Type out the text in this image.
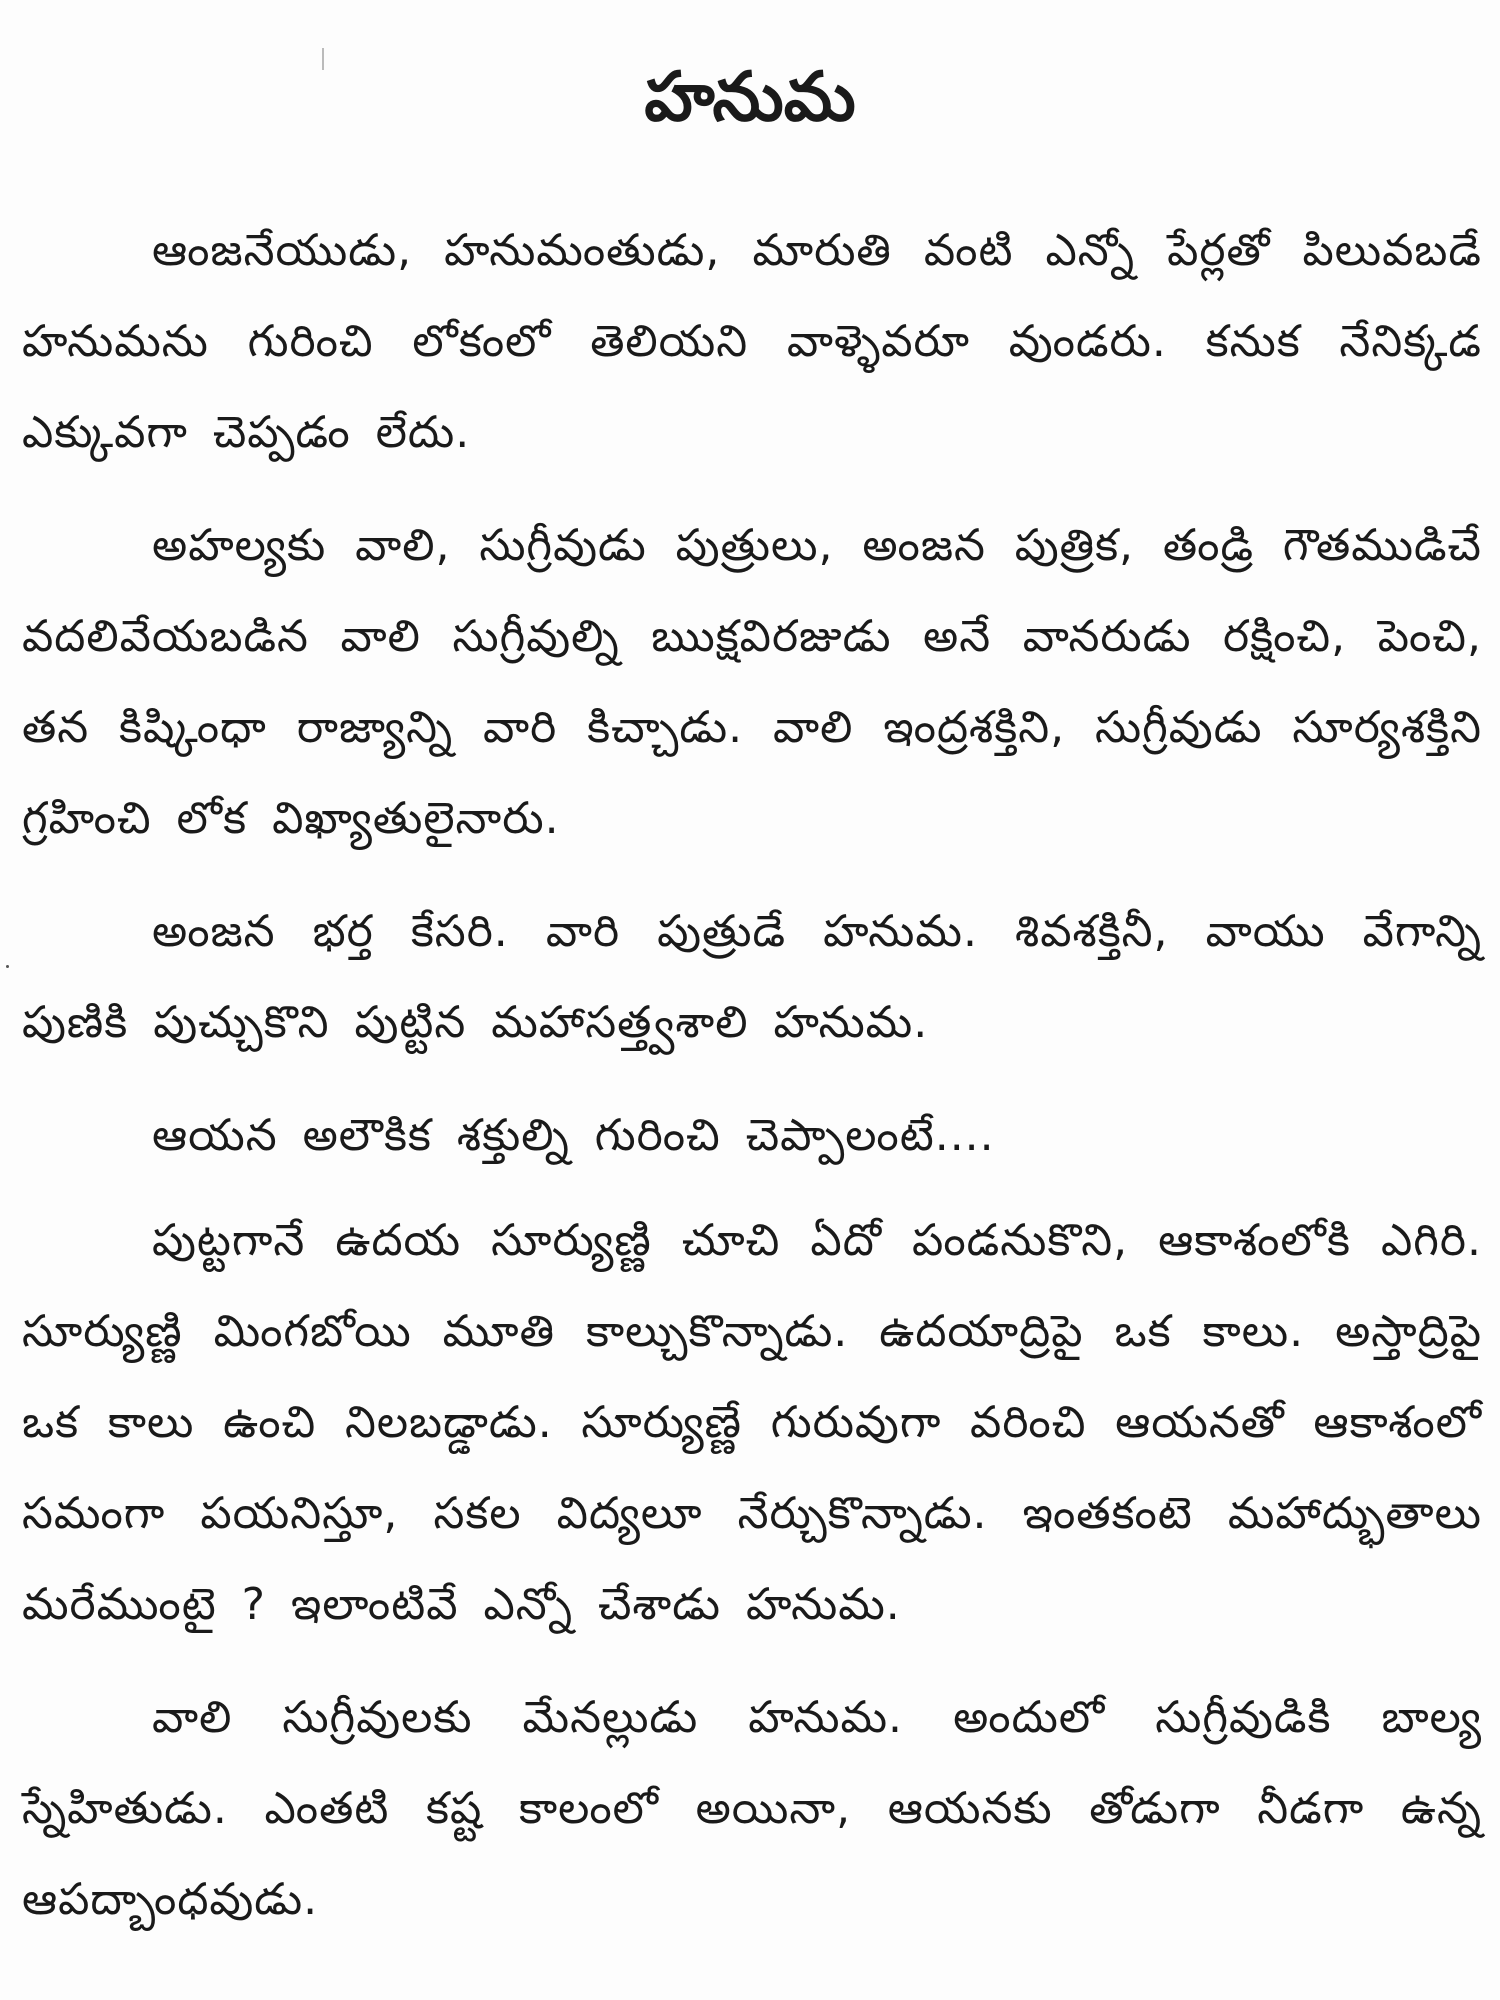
హనుమ

ఆంజనేయుడు, హనుమంతుడు, మారుతి వంటి ఎన్నో పేర్లతో పిలువబడే హనుమను గురించి లోకంలో తెలియని వాళ్ళెవరూ వుండరు. కనుక నేనిక్కడ ఎక్కువగా చెప్పడం లేదు.

అహల్యకు వాలి, సుగ్రీవుడు పుత్రులు, అంజన పుత్రిక, తండ్రి గౌతముడిచే వదలివేయబడిన వాలి సుగ్రీవుల్ని ఋక్షవిరజుడు అనే వానరుడు రక్షించి, పెంచి, తన కిష్కింధా రాజ్యాన్ని వారి కిచ్చాడు. వాలి ఇంద్రశక్తిని, సుగ్రీవుడు సూర్యశక్తిని గ్రహించి లోక విఖ్యాతులైనారు.

అంజన భర్త కేసరి. వారి పుత్రుడే హనుమ. శివశక్తినీ, వాయు వేగాన్ని పుణికి పుచ్చుకొని పుట్టిన మహాసత్త్వశాలి హనుమ.

ఆయన అలౌకిక శక్తుల్ని గురించి చెప్పాలంటే....

పుట్టగానే ఉదయ సూర్యుణ్ణి చూచి ఏదో పండనుకొని, ఆకాశంలోకి ఎగిరి. సూర్యుణ్ణి మింగబోయి మూతి కాల్చుకొన్నాడు. ఉదయాద్రిపై ఒక కాలు. అస్తాద్రిపై ఒక కాలు ఉంచి నిలబడ్డాడు. సూర్యుణ్ణే గురువుగా వరించి ఆయనతో ఆకాశంలో సమంగా పయనిస్తూ, సకల విద్యలూ నేర్చుకొన్నాడు. ఇంతకంటె మహాద్భుతాలు మరేముంటై ? ఇలాంటివే ఎన్నో చేశాడు హనుమ.

వాలి సుగ్రీవులకు మేనల్లుడు హనుమ. అందులో సుగ్రీవుడికి బాల్య స్నేహితుడు. ఎంతటి కష్ట కాలంలో అయినా, ఆయనకు తోడుగా నీడగా ఉన్న ఆపద్బాంధవుడు.
